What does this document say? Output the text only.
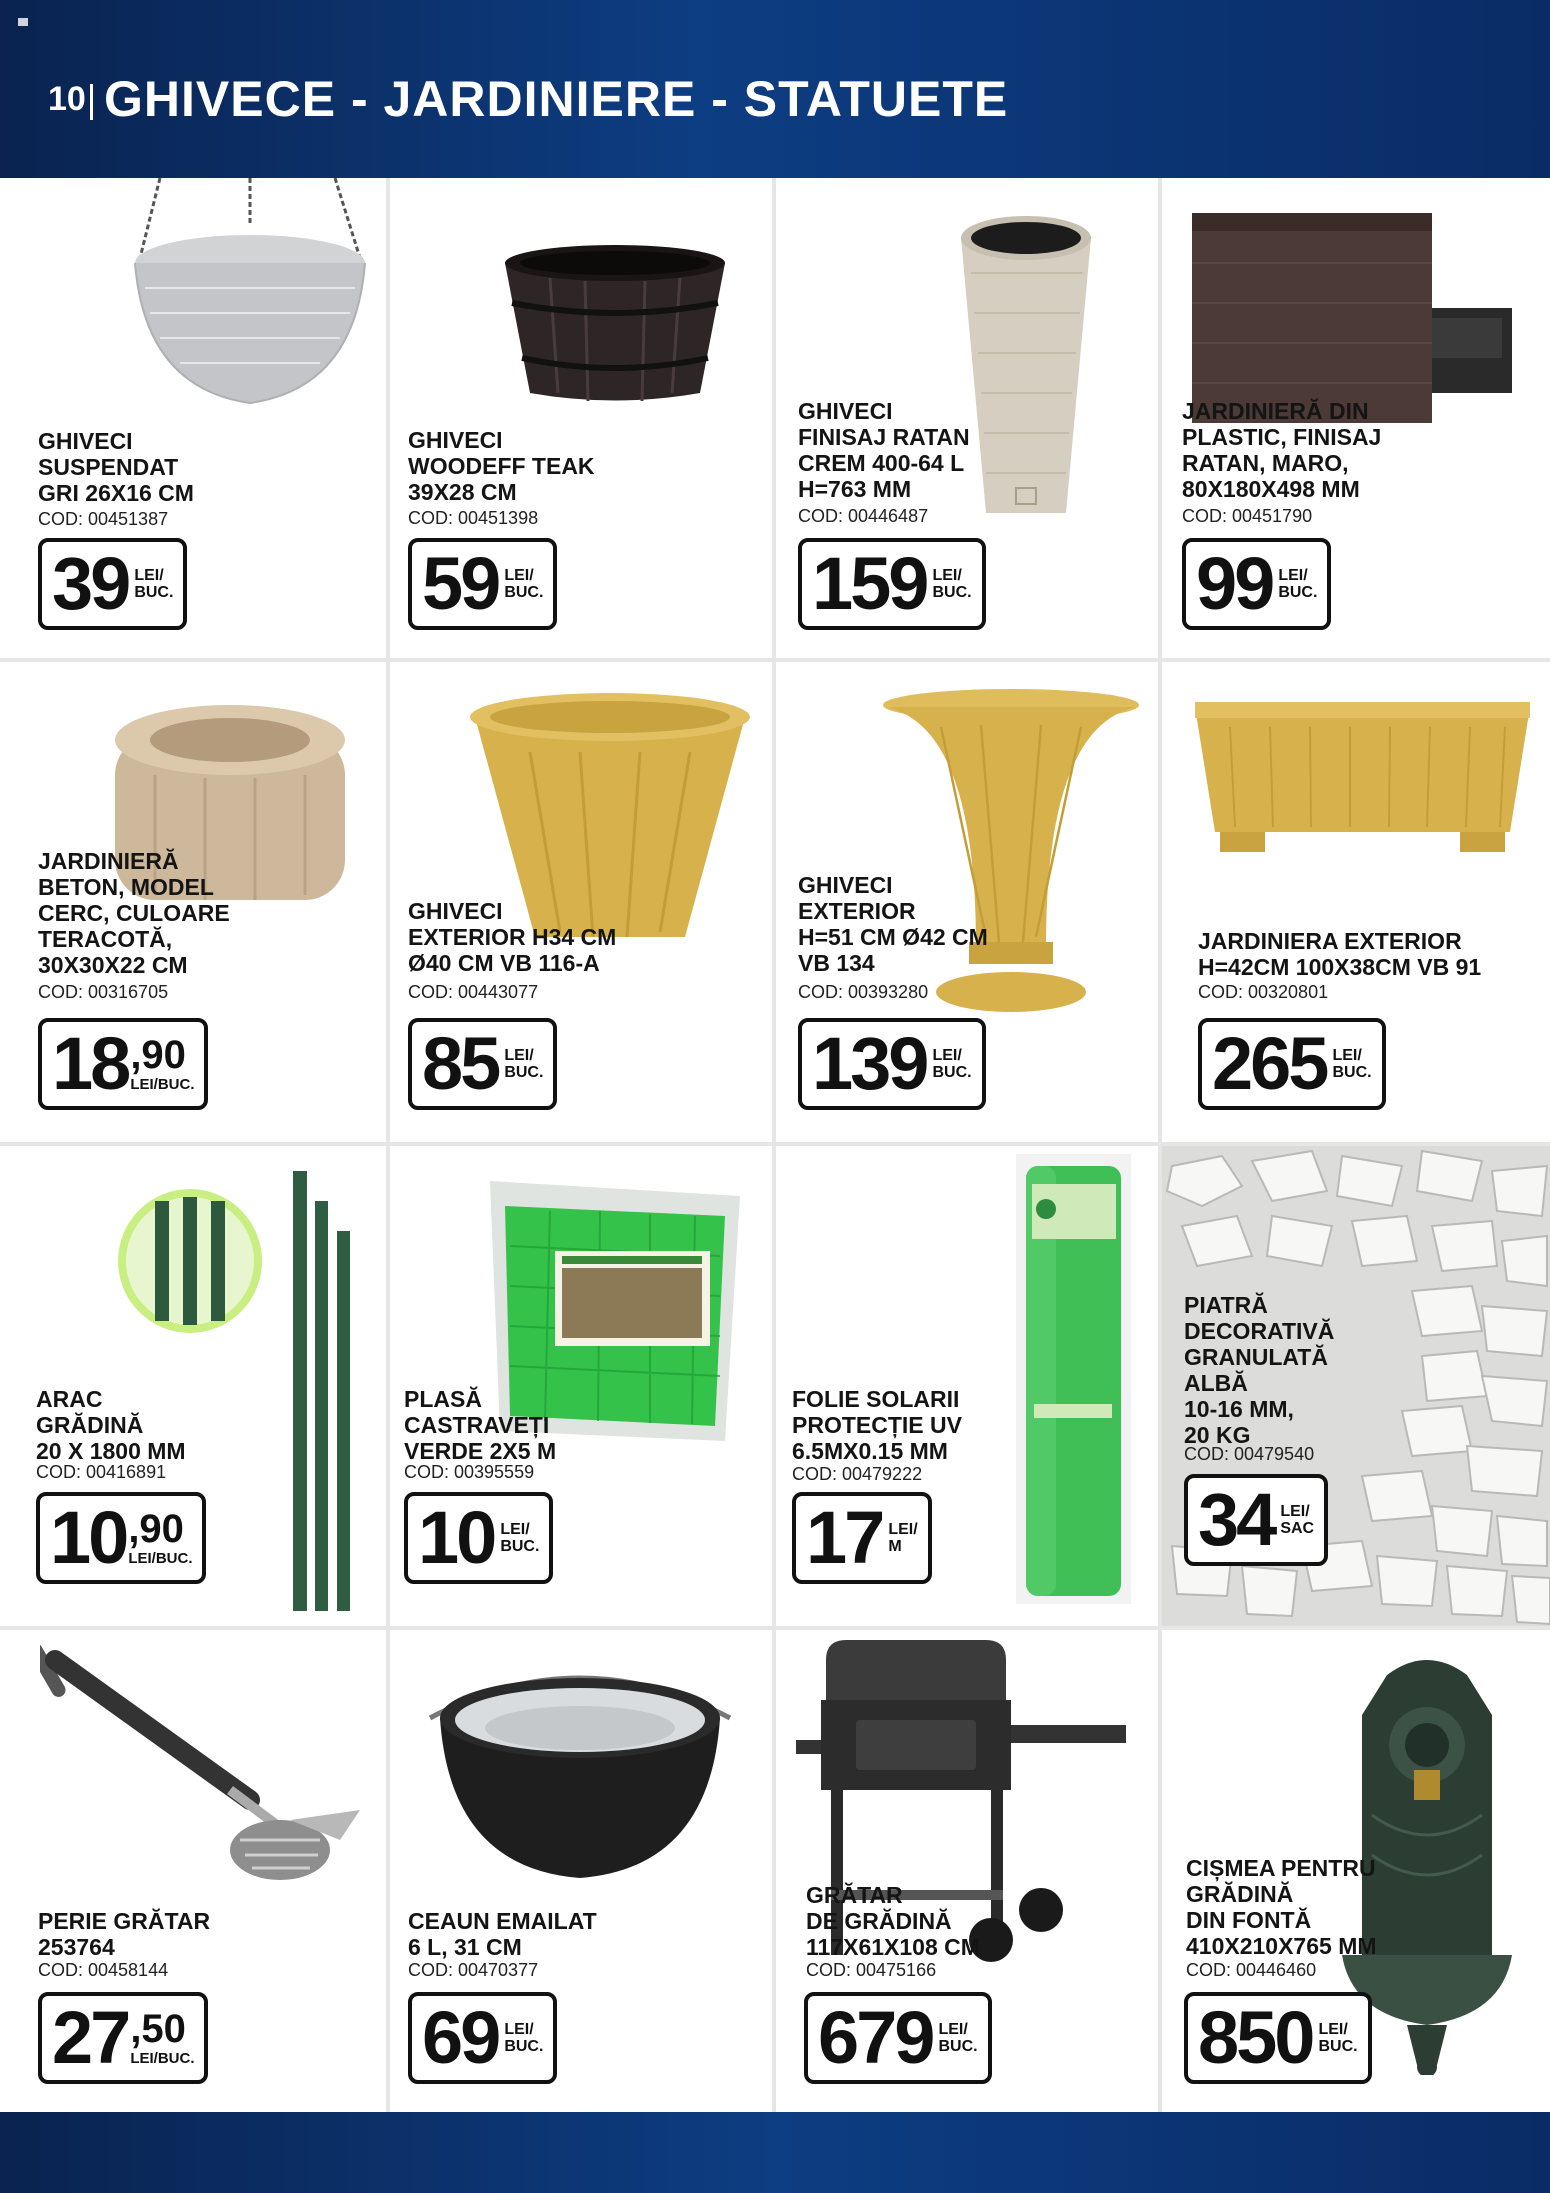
10 GHIVECE - JARDINIERE - STATUETE
GHIVECI
SUSPENDAT
GRI 26X16 CM
COD: 00451387
39 LEI/
BUC.
GHIVECI
WOODEFF TEAK
39X28 CM
COD: 00451398
59 LEI/
BUC.
GHIVECI
FINISAJ RATAN
CREM 400-64 L
H=763 MM
COD: 00446487
159 LEI/
BUC.
JARDINIERĂ DIN
PLASTIC, FINISAJ
RATAN, MARO,
80X180X498 MM
COD: 00451790
99 LEI/
BUC.
JARDINIERĂ
BETON, MODEL
CERC, CULOARE
TERACOTĂ,
30X30X22 CM
COD: 00316705
18 ,90
LEI/BUC.
GHIVECI
EXTERIOR H34 CM
Ø40 CM VB 116-A
COD: 00443077
85 LEI/
BUC.
GHIVECI
EXTERIOR
H=51 CM Ø42 CM
VB 134
COD: 00393280
139 LEI/
BUC.
JARDINIERA EXTERIOR
H=42CM 100X38CM VB 91
COD: 00320801
265 LEI/
BUC.
ARAC
GRĂDINĂ
20 X 1800 MM
COD: 00416891
10 ,90
LEI/BUC.
PLASĂ
CASTRAVEȚI
VERDE 2X5 M
COD: 00395559
10 LEI/
BUC.
FOLIE SOLARII
PROTECȚIE UV
6.5MX0.15 MM
COD: 00479222
17 LEI/
M
PIATRĂ
DECORATIVĂ
GRANULATĂ
ALBĂ
10-16 MM,
20 KG
COD: 00479540
34 LEI/
SAC
PERIE GRĂTAR
253764
COD: 00458144
27 ,50
LEI/BUC.
CEAUN EMAILAT
6 L, 31 CM
COD: 00470377
69 LEI/
BUC.
GRĂTAR
DE GRĂDINĂ
117X61X108 CM
COD: 00475166
679 LEI/
BUC.
CIȘMEA PENTRU
GRĂDINĂ
DIN FONTĂ
410X210X765 MM
COD: 00446460
850 LEI/
BUC.
